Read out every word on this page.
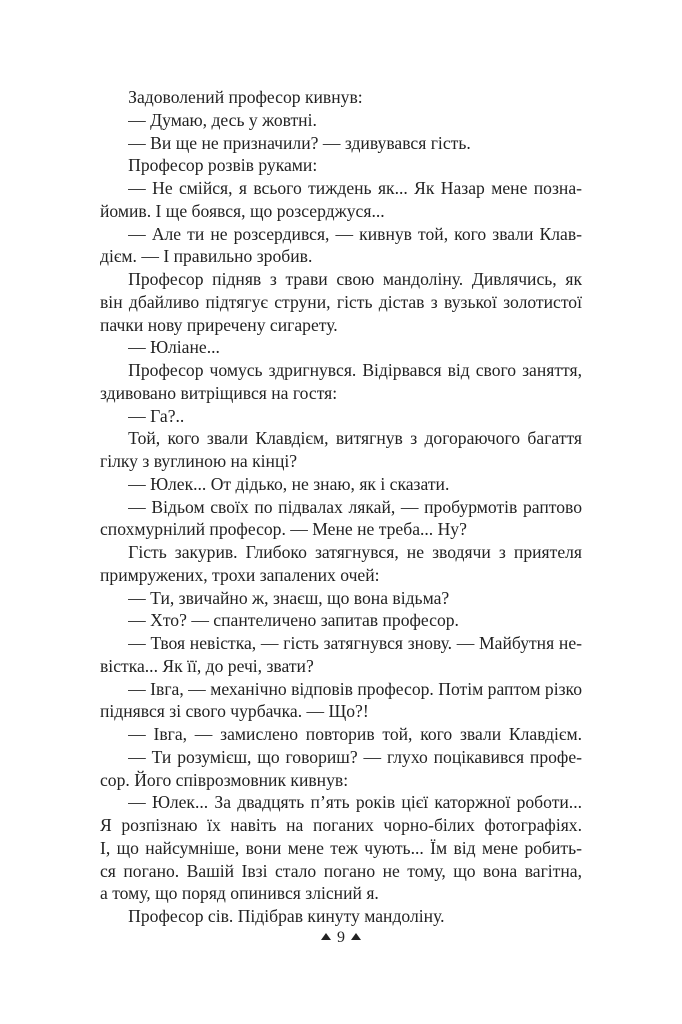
Задоволений професор кивнув:
— Думаю, десь у жовтні.
— Ви ще не призначили? — здивувався гість.
Професор розвів руками:
— Не смійся, я всього тиждень як... Як Назар мене позна-
йомив. І ще боявся, що розсерджуся...
— Але ти не розсердився, — кивнув той, кого звали Клав-
дієм. — І правильно зробив.
Професор підняв з трави свою мандоліну. Дивлячись, як
він дбайливо підтягує струни, гість дістав з вузької золотистої
пачки нову приречену сигарету.
— Юліане...
Професор чомусь здригнувся. Відірвався від свого заняття,
здивовано витріщився на гостя:
— Га?..
Той, кого звали Клавдієм, витягнув з догораючого багаття
гілку з вуглиною на кінці?
— Юлек... От дідько, не знаю, як і сказати.
— Відьом своїх по підвалах лякай, — пробурмотів раптово
спохмурнілий професор. — Мене не треба... Ну?
Гість закурив. Глибоко затягнувся, не зводячи з приятеля
примружених, трохи запалених очей:
— Ти, звичайно ж, знаєш, що вона відьма?
— Хто? — спантеличено запитав професор.
— Твоя невістка, — гість затягнувся знову. — Майбутня не-
вістка... Як її, до речі, звати?
— Івга, — механічно відповів професор. Потім раптом різко
піднявся зі свого чурбачка. — Що?!
— Івга, — замислено повторив той, кого звали Клавдієм.
— Ти розумієш, що говориш? — глухо поцікавився профе-
сор. Його співрозмовник кивнув:
— Юлек... За двадцять п’ять років цієї каторжної роботи...
Я розпізнаю їх навіть на поганих чорно-білих фотографіях.
І, що найсумніше, вони мене теж чують... Їм від мене робить-
ся погано. Вашій Івзі стало погано не тому, що вона вагітна,
а тому, що поряд опинився злісний я.
Професор сів. Підібрав кинуту мандоліну.
9
